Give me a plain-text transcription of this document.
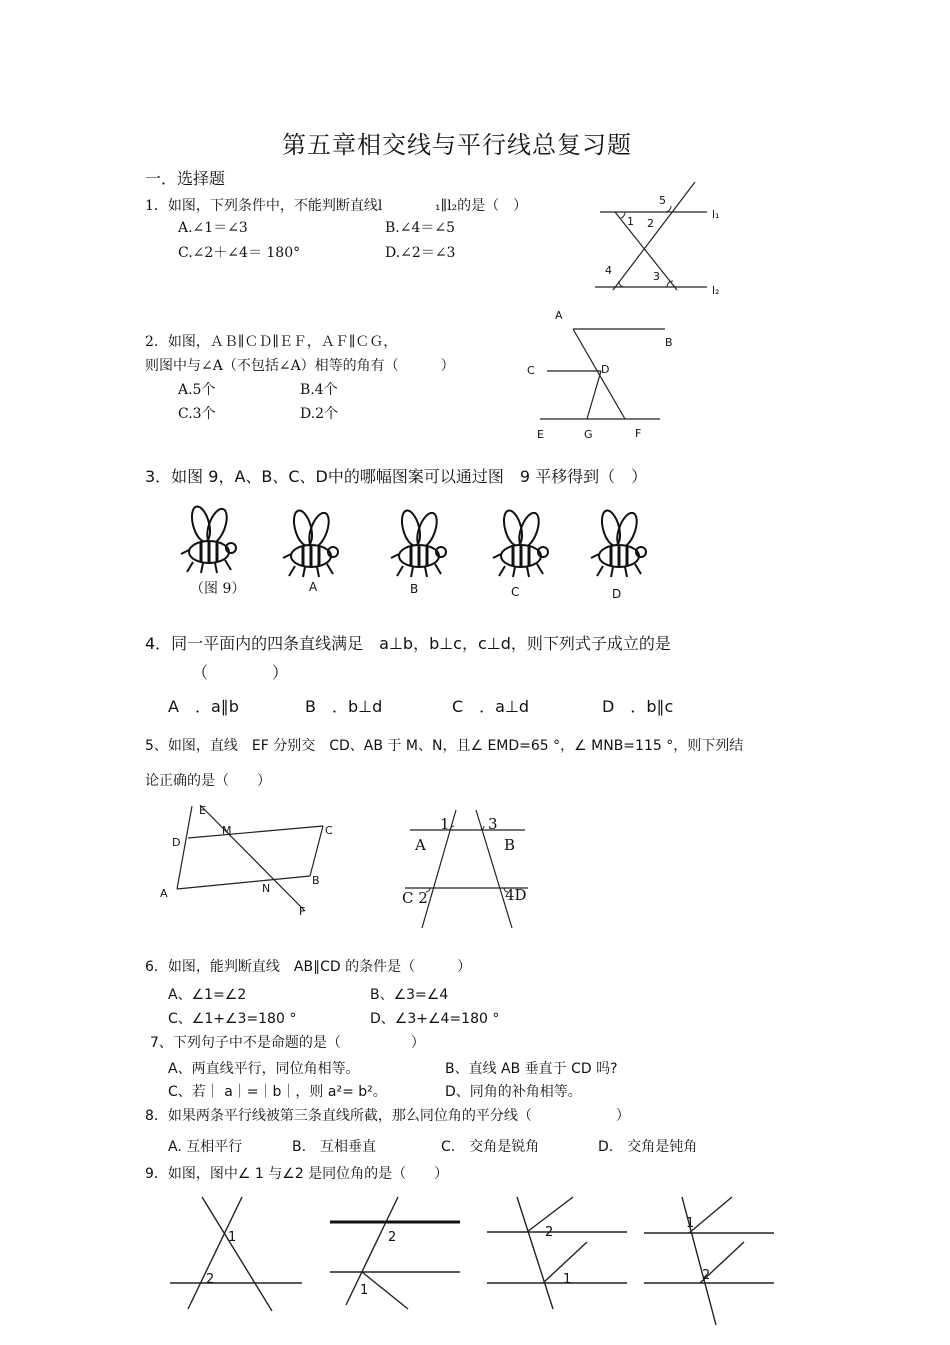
第五章相交线与平行线总复习题
一．选择题
1．如图，下列条件中，不能判断直线l	₁∥l₂的是（　）
A.∠1＝∠3	B.∠4＝∠5
C.∠2＋∠4＝ 180°	D.∠2＝∠3
1 2
3
4
5
l₁
l₂
2．如图，ＡＢ∥ＣＤ∥ＥＦ，ＡＦ∥ＣＧ，
则图中与∠A（不包括∠A）相等的角有（　　　）
A.5个	B.4个
C.3个	D.2个
A
B
C	D
E	G	F
3．如图 9，A、B、C、D中的哪幅图案可以通过图　9 平移得到（　）
（图 9）	A	B	C	D
4．同一平面内的四条直线满足　a⊥b，b⊥c，c⊥d，则下列式子成立的是
（　　　　）
A　．a∥b	B　．b⊥d	C　．a⊥d	D　．b∥c
5、如图，直线　EF 分别交　CD、AB 于 M、N，且∠ EMD=65 °，∠ MNB=115 °，则下列结
论正确的是（　　）
E
M	C
D
A	N
B
F
1	3
A	B
C 2	4D
6．如图，能判断直线　AB∥CD 的条件是（　　　）
A、∠1=∠2	B、∠3=∠4
C、∠1+∠3=180 °	D、∠3+∠4=180 °
7、下列句子中不是命题的是（　　　　　）
A、两直线平行，同位角相等。	B、直线 AB 垂直于 CD 吗?
C、若｜ a｜=｜b｜，则 a²= b²。	D、同角的补角相等。
8．如果两条平行线被第三条直线所截，那么同位角的平分线（　　　　　　）
A. 互相平行	B.　互相垂直	C.　交角是锐角	D.　交角是钝角
9．如图，图中∠ 1 与∠2 是同位角的是（　　）
1
2
2
1
2
1
1
2
